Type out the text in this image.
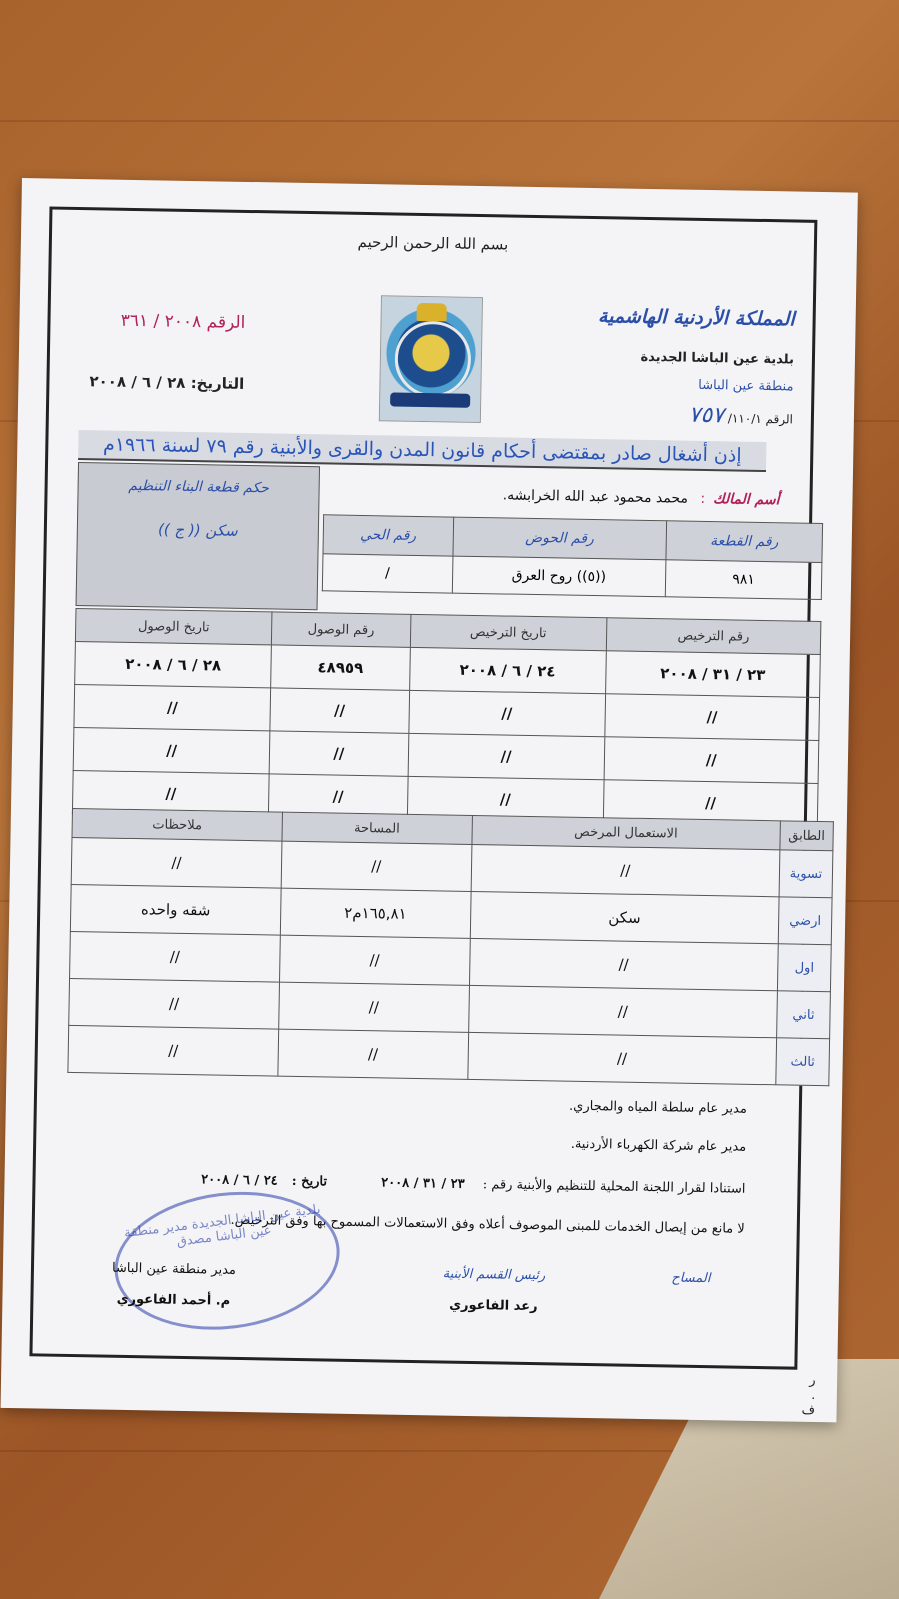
بسم الله الرحمن الرحيم
المملكة الأردنية الهاشمية
بلدية عين الباشا الجديدة
منطقة عين الباشا
الرقم ١١٠/١/ ٧٥٧
الرقم ٢٠٠٨ / ٣٦١
التاريخ: ٢٨ / ٦ / ٢٠٠٨
إذن أشغال صادر بمقتضى أحكام قانون المدن والقرى والأبنية رقم ٧٩ لسنة ١٩٦٦م
حكم قطعة البناء التنظيم
سكن (( ج ))
أسم المالك: محمد محمود عبد الله الخرابشه.
رقم القطعة	رقم الحوض	رقم الحي
٩٨١	((٥)) روح العرق	/
رقم الترخيص	تاريخ الترخيص	رقم الوصول	تاريخ الوصول
٢٣ / ٣١ / ٢٠٠٨	٢٤ / ٦ / ٢٠٠٨	٤٨٩٥٩	٢٨ / ٦ / ٢٠٠٨
//	//	//	//
//	//	//	//
//	//	//	//
الطابق	الاستعمال المرخص	المساحة	ملاحظات
تسوية	//	//	//
ارضي	سكن	١٦٥,٨١م٢	شقه واحده
اول	//	//	//
ثاني	//	//	//
ثالث	//	//	//
مدير عام سلطة المياه والمجاري.
مدير عام شركة الكهرباء الأردنية.
استنادا لقرار اللجنة المحلية للتنظيم والأبنية رقم : ٢٣ / ٣١ / ٢٠٠٨ تاريخ : ٢٤ / ٦ / ٢٠٠٨
لا مانع من إيصال الخدمات للمبنى الموصوف أعلاه وفق الاستعمالات المسموح بها وفق الترخيص.
بلدية عين الباشا الجديدة مدير منطقة عين الباشا مصدق
المساح
رئيس القسم الأبنية
رعد الفاعوري
مدير منطقة عين الباشا
م. أحمد الفاعوري
ر . ف
